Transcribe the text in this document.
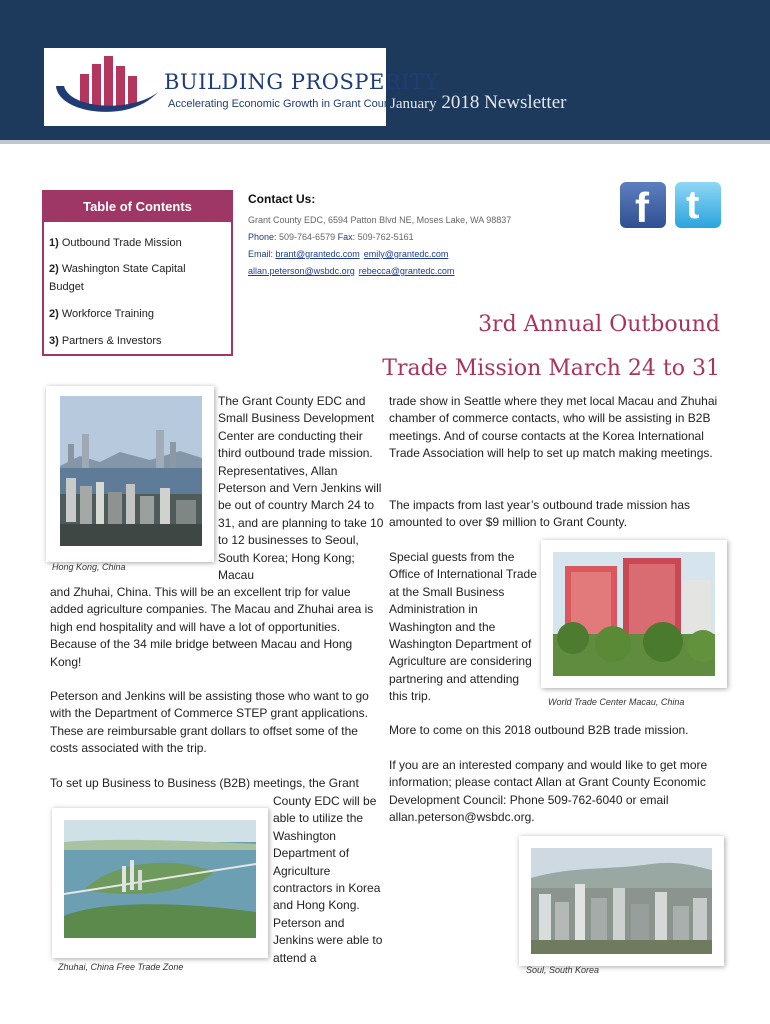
BUILDING PROSPERITY
Accelerating Economic Growth in Grant County
January 2018 Newsletter
Table of Contents
1) Outbound Trade Mission
2) Washington State Capital
Budget
2) Workforce Training
3) Partners & Investors
Contact Us:
Grant County EDC, 6594 Patton Blvd NE, Moses Lake, WA 98837
Phone: 509-764-6579 Fax: 509-762-5161
Email: brant@grantedc.com emily@grantedc.com
allan.peterson@wsbdc.org rebecca@grantedc.com
f t
3rd Annual Outbound
Trade Mission March 24 to 31
Hong Kong, China
The Grant County EDC and Small Business Development Center are conducting their third outbound trade mission. Representatives, Allan Peterson and Vern Jenkins will be out of country March 24 to 31, and are planning to take 10 to 12 businesses to Seoul, South Korea; Hong Kong; Macau
and Zhuhai, China. This will be an excellent trip for value added agriculture companies. The Macau and Zhuhai area is high end hospitality and will have a lot of opportunities. Because of the 34 mile bridge between Macau and Hong Kong!
Peterson and Jenkins will be assisting those who want to go with the Department of Commerce STEP grant applications. These are reimbursable grant dollars to offset some of the costs associated with the trip.
To set up Business to Business (B2B) meetings, the Grant
County EDC will be able to utilize the Washington Department of Agriculture contractors in Korea and Hong Kong. Peterson and Jenkins were able to attend a
Zhuhai, China Free Trade Zone
trade show in Seattle where they met local Macau and Zhuhai chamber of commerce contacts, who will be assisting in B2B meetings. And of course contacts at the Korea International Trade Association will help to set up match making meetings.
The impacts from last year’s outbound trade mission has amounted to over $9 million to Grant County.
Special guests from the Office of International Trade at the Small Business Administration in Washington and the Washington Department of Agriculture are considering partnering and attending this trip.
More to come on this 2018 outbound B2B trade mission.
If you are an interested company and would like to get more information; please contact Allan at Grant County Economic Development Council: Phone 509-762-6040 or email allan.peterson@wsbdc.org.
World Trade Center Macau, China
Soul, South Korea
